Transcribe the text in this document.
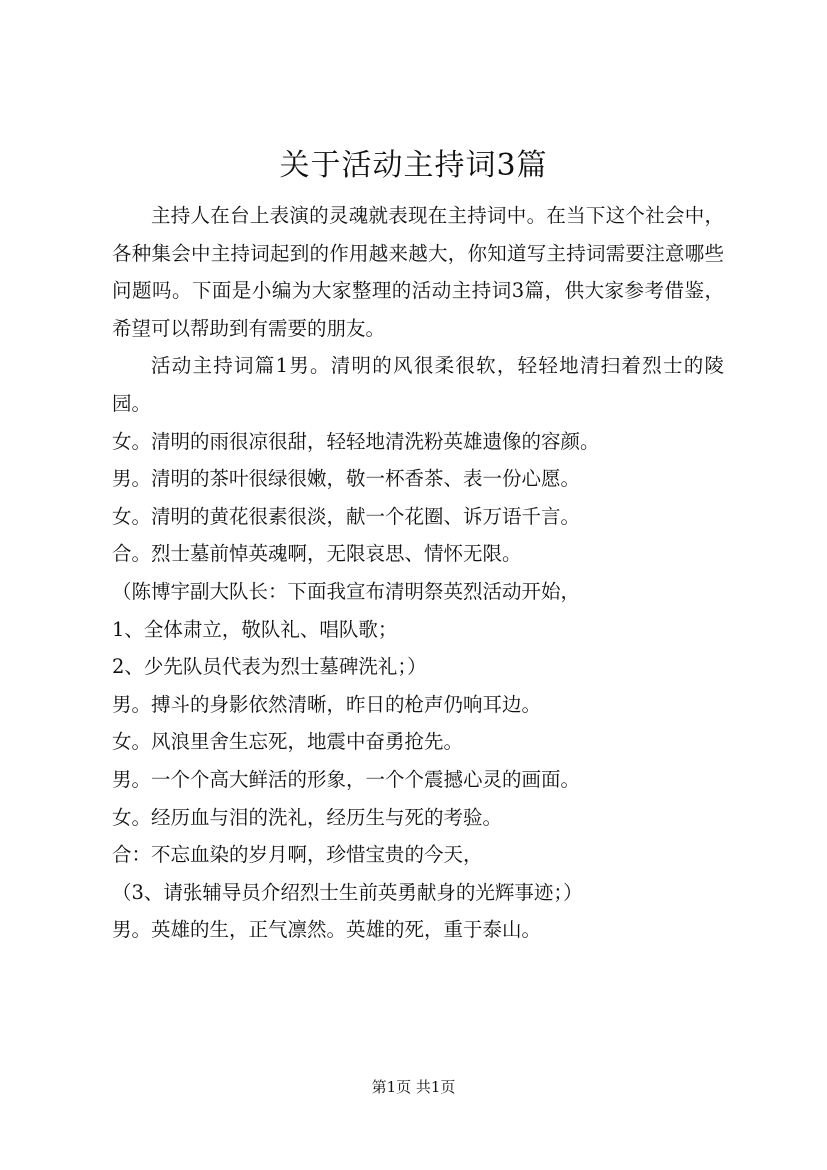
关于活动主持词3篇

主持人在台上表演的灵魂就表现在主持词中。在当下这个社会中，各种集会中主持词起到的作用越来越大，你知道写主持词需要注意哪些问题吗。下面是小编为大家整理的活动主持词3篇，供大家参考借鉴，希望可以帮助到有需要的朋友。

活动主持词篇1男。清明的风很柔很软，轻轻地清扫着烈士的陵园。

女。清明的雨很凉很甜，轻轻地清洗粉英雄遗像的容颜。

男。清明的茶叶很绿很嫩，敬一杯香茶、表一份心愿。

女。清明的黄花很素很淡，献一个花圈、诉万语千言。

合。烈士墓前悼英魂啊，无限哀思、情怀无限。

（陈博宇副大队长：下面我宣布清明祭英烈活动开始，

1、全体肃立，敬队礼、唱队歌；

2、少先队员代表为烈士墓碑洗礼；）

男。搏斗的身影依然清晰，昨日的枪声仍响耳边。

女。风浪里舍生忘死，地震中奋勇抢先。

男。一个个高大鲜活的形象，一个个震撼心灵的画面。

女。经历血与泪的洗礼，经历生与死的考验。

合：不忘血染的岁月啊，珍惜宝贵的今天，

（3、请张辅导员介绍烈士生前英勇献身的光辉事迹；）

男。英雄的生，正气凛然。英雄的死，重于泰山。

第1页 共1页
